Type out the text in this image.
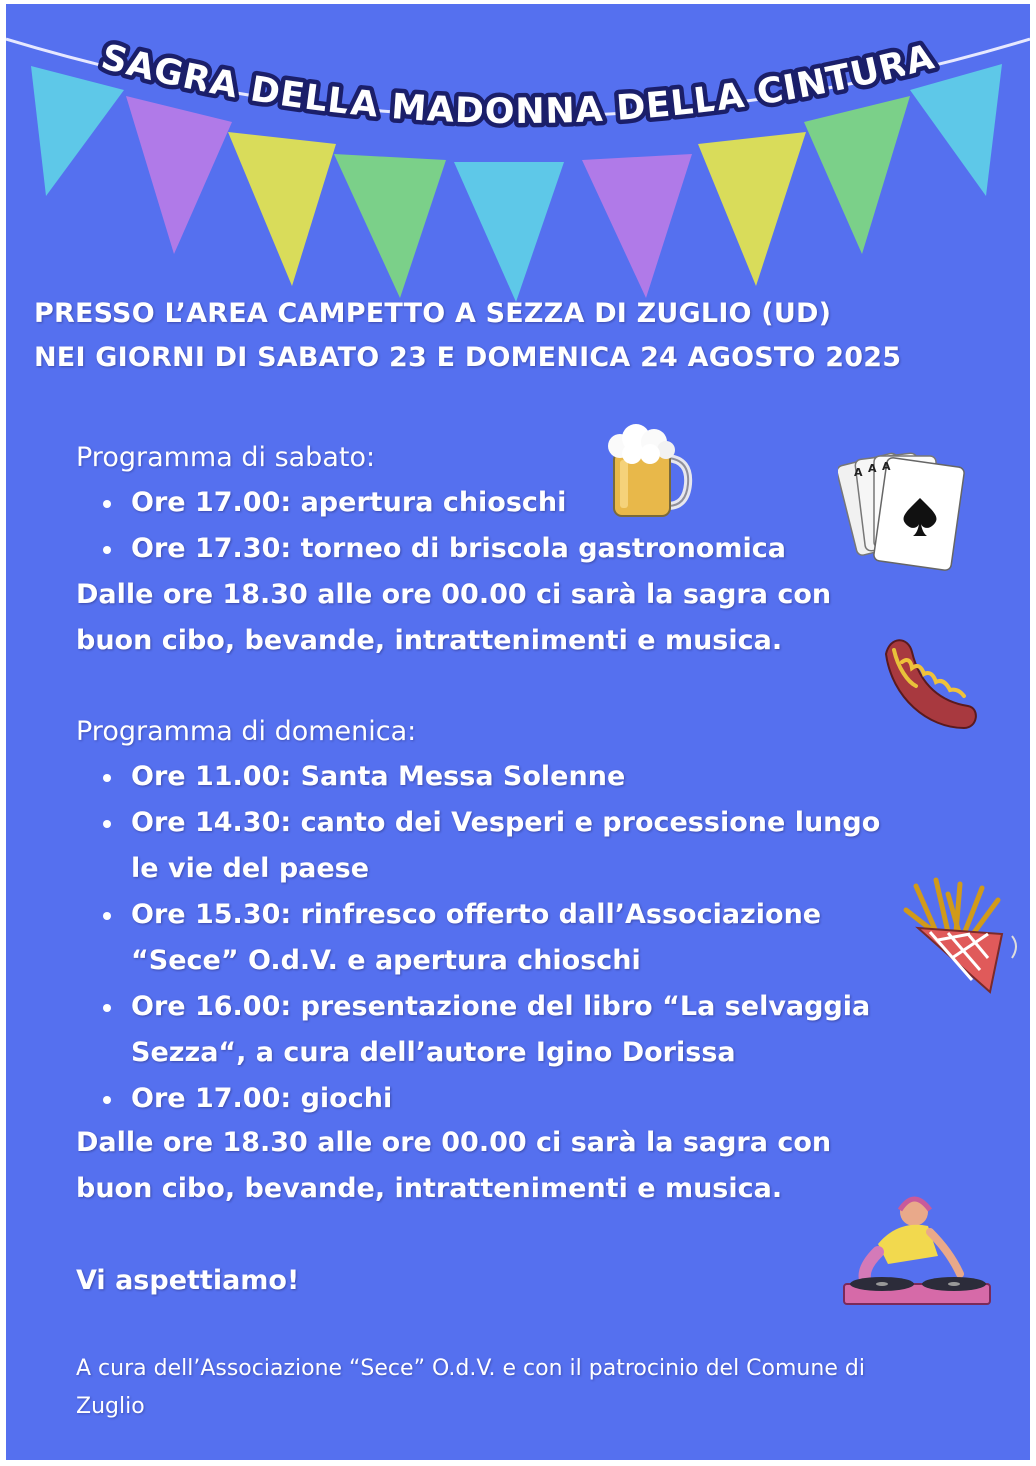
SAGRA DELLA MADONNA DELLA CINTURA
PRESSO L’AREA CAMPETTO A SEZZA DI ZUGLIO (UD)
NEI GIORNI DI SABATO 23 E DOMENICA 24 AGOSTO 2025
Programma di sabato:
Ore 17.00: apertura chioschi
Ore 17.30: torneo di briscola gastronomica
Dalle ore 18.30 alle ore 00.00 ci sarà la sagra con
buon cibo, bevande, intrattenimenti e musica.
Programma di domenica:
Ore 11.00: Santa Messa Solenne
Ore 14.30: canto dei Vesperi e processione lungo
le vie del paese
Ore 15.30: rinfresco offerto dall’Associazione
“Sece” O.d.V. e apertura chioschi
Ore 16.00: presentazione del libro “La selvaggia
Sezza“, a cura dell’autore Igino Dorissa
Ore 17.00: giochi
Dalle ore 18.30 alle ore 00.00 ci sarà la sagra con
buon cibo, bevande, intrattenimenti e musica.
Vi aspettiamo!
A cura dell’Associazione “Sece” O.d.V. e con il patrocinio del Comune di Zuglio
A A A
